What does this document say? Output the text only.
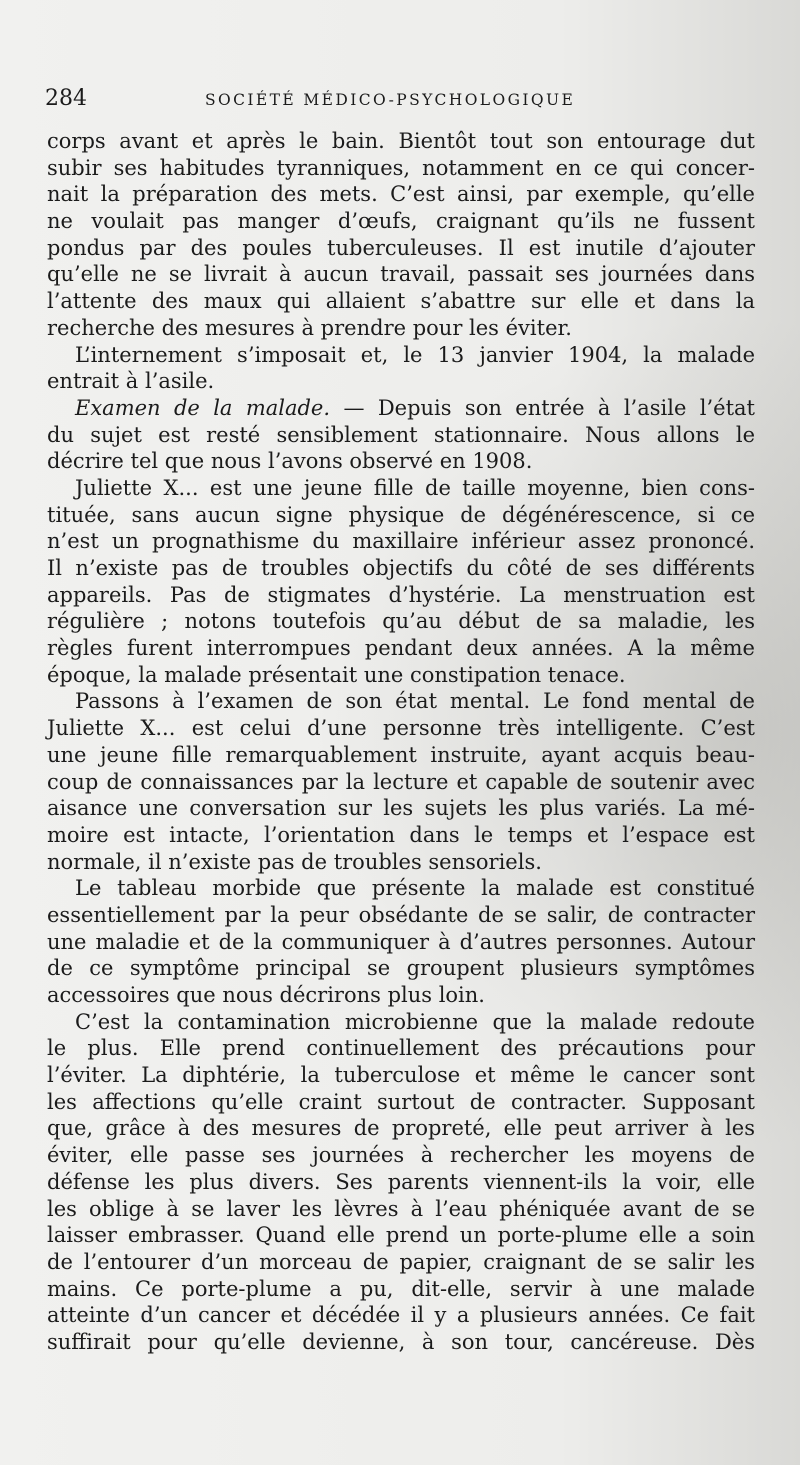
284	SOCIÉTÉ MÉDICO-PSYCHOLOGIQUE
corps avant et après le bain. Bientôt tout son entourage dut
subir ses habitudes tyranniques, notamment en ce qui concer-
nait la préparation des mets. C’est ainsi, par exemple, qu’elle
ne voulait pas manger d’œufs, craignant qu’ils ne fussent
pondus par des poules tuberculeuses. Il est inutile d’ajouter
qu’elle ne se livrait à aucun travail, passait ses journées dans
l’attente des maux qui allaient s’abattre sur elle et dans la
recherche des mesures à prendre pour les éviter.
L’internement s’imposait et, le 13 janvier 1904, la malade
entrait à l’asile.
Examen de la malade. — Depuis son entrée à l’asile l’état
du sujet est resté sensiblement stationnaire. Nous allons le
décrire tel que nous l’avons observé en 1908.
Juliette X... est une jeune fille de taille moyenne, bien cons-
tituée, sans aucun signe physique de dégénérescence, si ce
n’est un prognathisme du maxillaire inférieur assez prononcé.
Il n’existe pas de troubles objectifs du côté de ses différents
appareils. Pas de stigmates d’hystérie. La menstruation est
régulière ; notons toutefois qu’au début de sa maladie, les
règles furent interrompues pendant deux années. A la même
époque, la malade présentait une constipation tenace.
Passons à l’examen de son état mental. Le fond mental de
Juliette X... est celui d’une personne très intelligente. C’est
une jeune fille remarquablement instruite, ayant acquis beau-
coup de connaissances par la lecture et capable de soutenir avec
aisance une conversation sur les sujets les plus variés. La mé-
moire est intacte, l’orientation dans le temps et l’espace est
normale, il n’existe pas de troubles sensoriels.
Le tableau morbide que présente la malade est constitué
essentiellement par la peur obsédante de se salir, de contracter
une maladie et de la communiquer à d’autres personnes. Autour
de ce symptôme principal se groupent plusieurs symptômes
accessoires que nous décrirons plus loin.
C’est la contamination microbienne que la malade redoute
le plus. Elle prend continuellement des précautions pour
l’éviter. La diphtérie, la tuberculose et même le cancer sont
les affections qu’elle craint surtout de contracter. Supposant
que, grâce à des mesures de propreté, elle peut arriver à les
éviter, elle passe ses journées à rechercher les moyens de
défense les plus divers. Ses parents viennent-ils la voir, elle
les oblige à se laver les lèvres à l’eau phéniquée avant de se
laisser embrasser. Quand elle prend un porte-plume elle a soin
de l’entourer d’un morceau de papier, craignant de se salir les
mains. Ce porte-plume a pu, dit-elle, servir à une malade
atteinte d’un cancer et décédée il y a plusieurs années. Ce fait
suffirait pour qu’elle devienne, à son tour, cancéreuse. Dès
